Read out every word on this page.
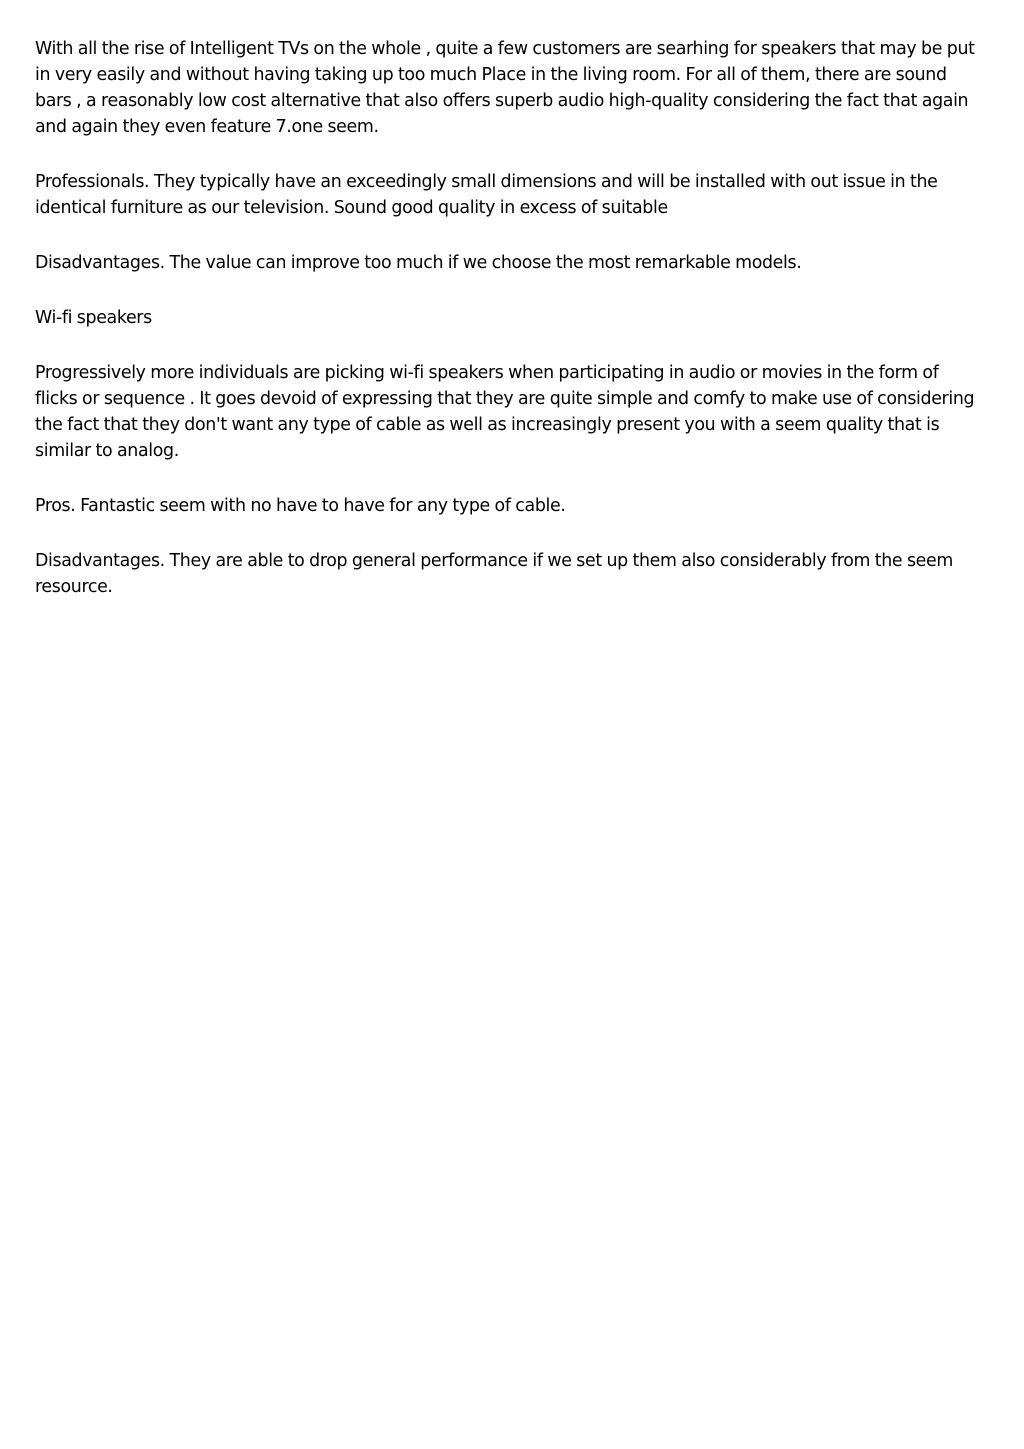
With all the rise of Intelligent TVs on the whole , quite a few customers are searhing for speakers that may be put in very easily and without having taking up too much Place in the living room. For all of them, there are sound bars , a reasonably low cost alternative that also offers superb audio high-quality considering the fact that again and again they even feature 7.one seem.

Professionals. They typically have an exceedingly small dimensions and will be installed with out issue in the identical furniture as our television. Sound good quality in excess of suitable

Disadvantages. The value can improve too much if we choose the most remarkable models.

Wi-fi speakers

Progressively more individuals are picking wi-fi speakers when participating in audio or movies in the form of flicks or sequence . It goes devoid of expressing that they are quite simple and comfy to make use of considering the fact that they don't want any type of cable as well as increasingly present you with a seem quality that is similar to analog.

Pros. Fantastic seem with no have to have for any type of cable.

Disadvantages. They are able to drop general performance if we set up them also considerably from the seem resource.
